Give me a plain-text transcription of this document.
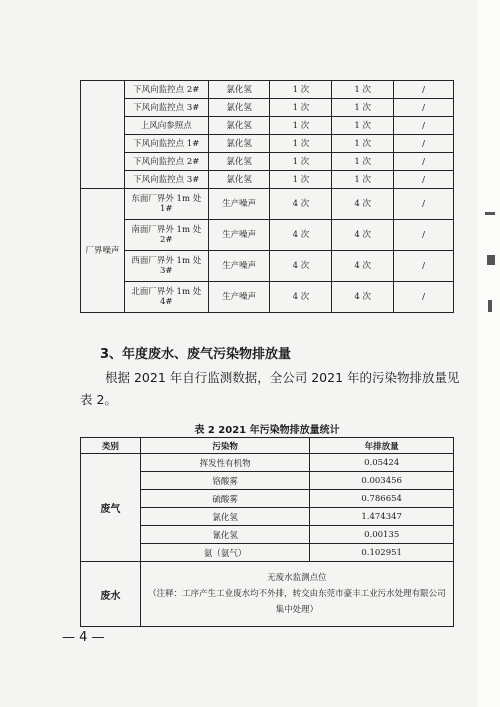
	下风向监控点 2#	氯化氢	1 次	1 次	/
	下风向监控点 3#	氯化氢	1 次	1 次	/
	上风向参照点	氯化氢	1 次	1 次	/
	下风向监控点 1#	氯化氢	1 次	1 次	/
	下风向监控点 2#	氯化氢	1 次	1 次	/
	下风向监控点 3#	氯化氢	1 次	1 次	/
厂界噪声	东面厂界外 1m 处 1#	生产噪声	4 次	4 次	/
	南面厂界外 1m 处 2#	生产噪声	4 次	4 次	/
	西面厂界外 1m 处 3#	生产噪声	4 次	4 次	/
	北面厂界外 1m 处 4#	生产噪声	4 次	4 次	/
3、年度废水、废气污染物排放量
根据 2021 年自行监测数据，全公司 2021 年的污染物排放量见表 2。
表 2 2021 年污染物排放量统计
类别	污染物	年排放量
废气	挥发性有机物	0.05424
	铬酸雾	0.003456
	硫酸雾	0.786654
	氯化氢	1.474347
	氰化氢	0.00135
	氨（氨气）	0.102951
废水	无废水监测点位
（注释：工序产生工业废水均不外排，转交由东莞市豪丰工业污水处理有限公司集中处理）	
— 4 —
